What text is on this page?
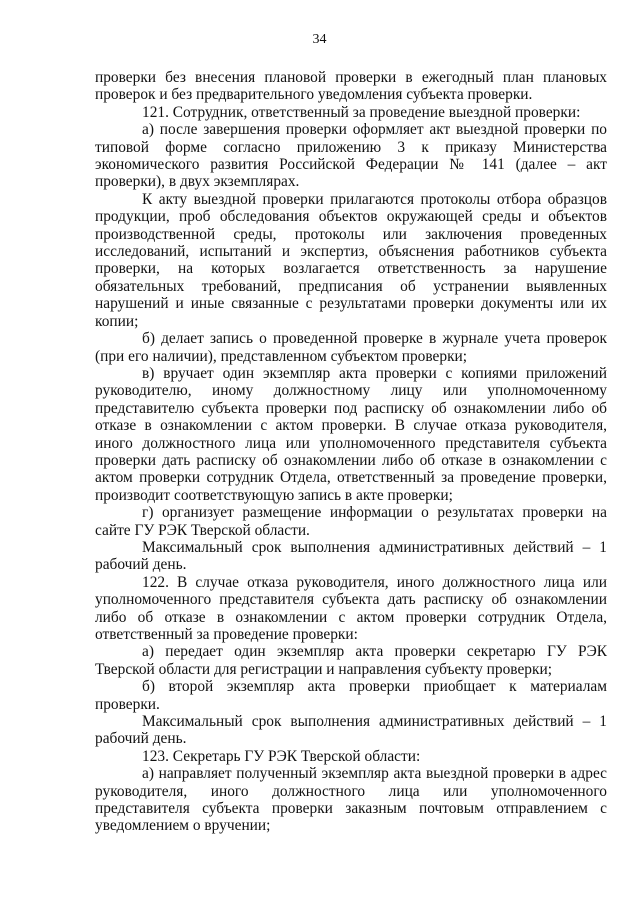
34

проверки без внесения плановой проверки в ежегодный план плановых проверок и без предварительного уведомления субъекта проверки.

121. Сотрудник, ответственный за проведение выездной проверки:

а) после завершения проверки оформляет акт выездной проверки по типовой форме согласно приложению 3 к приказу Министерства экономического развития Российской Федерации № 141 (далее – акт проверки), в двух экземплярах.

К акту выездной проверки прилагаются протоколы отбора образцов продукции, проб обследования объектов окружающей среды и объектов производственной среды, протоколы или заключения проведенных исследований, испытаний и экспертиз, объяснения работников субъекта проверки, на которых возлагается ответственность за нарушение обязательных требований, предписания об устранении выявленных нарушений и иные связанные с результатами проверки документы или их копии;

б) делает запись о проведенной проверке в журнале учета проверок (при его наличии), представленном субъектом проверки;

в) вручает один экземпляр акта проверки с копиями приложений руководителю, иному должностному лицу или уполномоченному представителю субъекта проверки под расписку об ознакомлении либо об отказе в ознакомлении с актом проверки. В случае отказа руководителя, иного должностного лица или уполномоченного представителя субъекта проверки дать расписку об ознакомлении либо об отказе в ознакомлении с актом проверки сотрудник Отдела, ответственный за проведение проверки, производит соответствующую запись в акте проверки;

г) организует размещение информации о результатах проверки на сайте ГУ РЭК Тверской области.

Максимальный срок выполнения административных действий – 1 рабочий день.

122. В случае отказа руководителя, иного должностного лица или уполномоченного представителя субъекта дать расписку об ознакомлении либо об отказе в ознакомлении с актом проверки сотрудник Отдела, ответственный за проведение проверки:

а) передает один экземпляр акта проверки секретарю ГУ РЭК Тверской области для регистрации и направления субъекту проверки;

б) второй экземпляр акта проверки приобщает к материалам проверки.

Максимальный срок выполнения административных действий – 1 рабочий день.

123. Секретарь ГУ РЭК Тверской области:

а) направляет полученный экземпляр акта выездной проверки в адрес руководителя, иного должностного лица или уполномоченного представителя субъекта проверки заказным почтовым отправлением с уведомлением о вручении;
